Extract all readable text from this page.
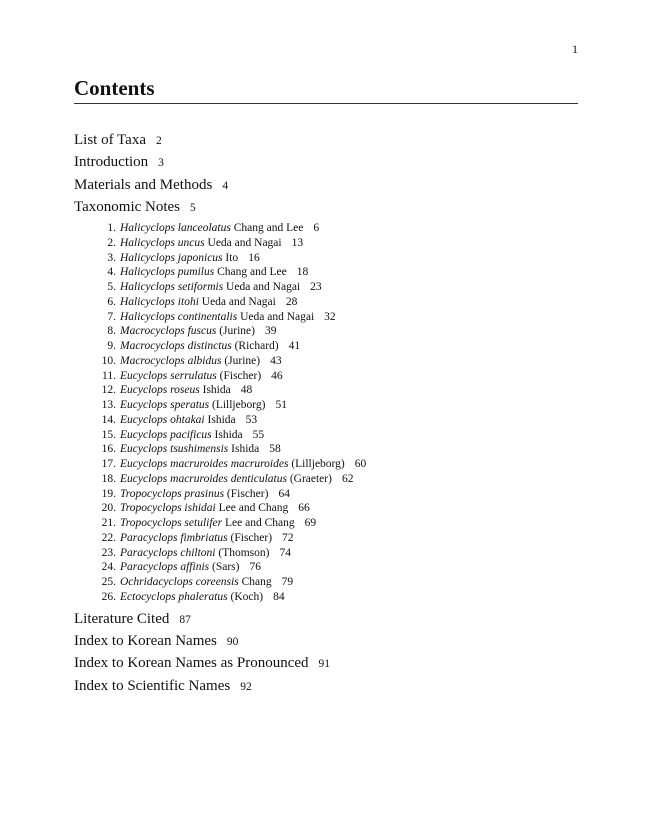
1
Contents
List of Taxa 2
Introduction 3
Materials and Methods 4
Taxonomic Notes 5
1. Halicyclops lanceolatus Chang and Lee 6
2. Halicyclops uncus Ueda and Nagai 13
3. Halicyclops japonicus Ito 16
4. Halicyclops pumilus Chang and Lee 18
5. Halicyclops setiformis Ueda and Nagai 23
6. Halicyclops itohi Ueda and Nagai 28
7. Halicyclops continentalis Ueda and Nagai 32
8. Macrocyclops fuscus (Jurine) 39
9. Macrocyclops distinctus (Richard) 41
10. Macrocyclops albidus (Jurine) 43
11. Eucyclops serrulatus (Fischer) 46
12. Eucyclops roseus Ishida 48
13. Eucyclops speratus (Lilljeborg) 51
14. Eucyclops ohtakai Ishida 53
15. Eucyclops pacificus Ishida 55
16. Eucyclops tsushimensis Ishida 58
17. Eucyclops macruroides macruroides (Lilljeborg) 60
18. Eucyclops macruroides denticulatus (Graeter) 62
19. Tropocyclops prasinus (Fischer) 64
20. Tropocyclops ishidai Lee and Chang 66
21. Tropocyclops setulifer Lee and Chang 69
22. Paracyclops fimbriatus (Fischer) 72
23. Paracyclops chiltoni (Thomson) 74
24. Paracyclops affinis (Sars) 76
25. Ochridacyclops coreensis Chang 79
26. Ectocyclops phaleratus (Koch) 84
Literature Cited 87
Index to Korean Names 90
Index to Korean Names as Pronounced 91
Index to Scientific Names 92
